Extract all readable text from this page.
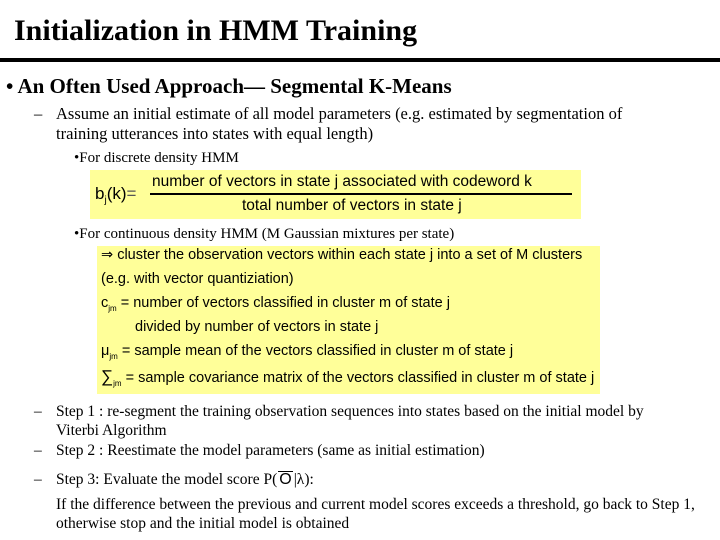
Initialization in HMM Training
• An Often Used Approach— Segmental K-Means
– Assume an initial estimate of all model parameters (e.g. estimated by segmentation of training utterances into states with equal length)
•For discrete density HMM
$b_j(k)=$
number of vectors in state j associated with codeword k
total number of vectors in state j
•For continuous density HMM (M Gaussian mixtures per state)
⇒ cluster the observation vectors within each state j into a set of M clusters
(e.g. with vector quantiziation)
$c_{jm}$ = number of vectors classified in cluster m of state j
divided by number of vectors in state j
$\mu_{jm}$ = sample mean of the vectors classified in cluster m of state j
$\sum_{jm}$ = sample covariance matrix of the vectors classified in cluster m of state j
– Step 1 : re-segment the training observation sequences into states based on the initial model by Viterbi Algorithm
– Step 2 : Reestimate the model parameters (same as initial estimation)
– Step 3: Evaluate the model score P( O |λ):
If the difference between the previous and current model scores exceeds a threshold, go back to Step 1, otherwise stop and the initial model is obtained
